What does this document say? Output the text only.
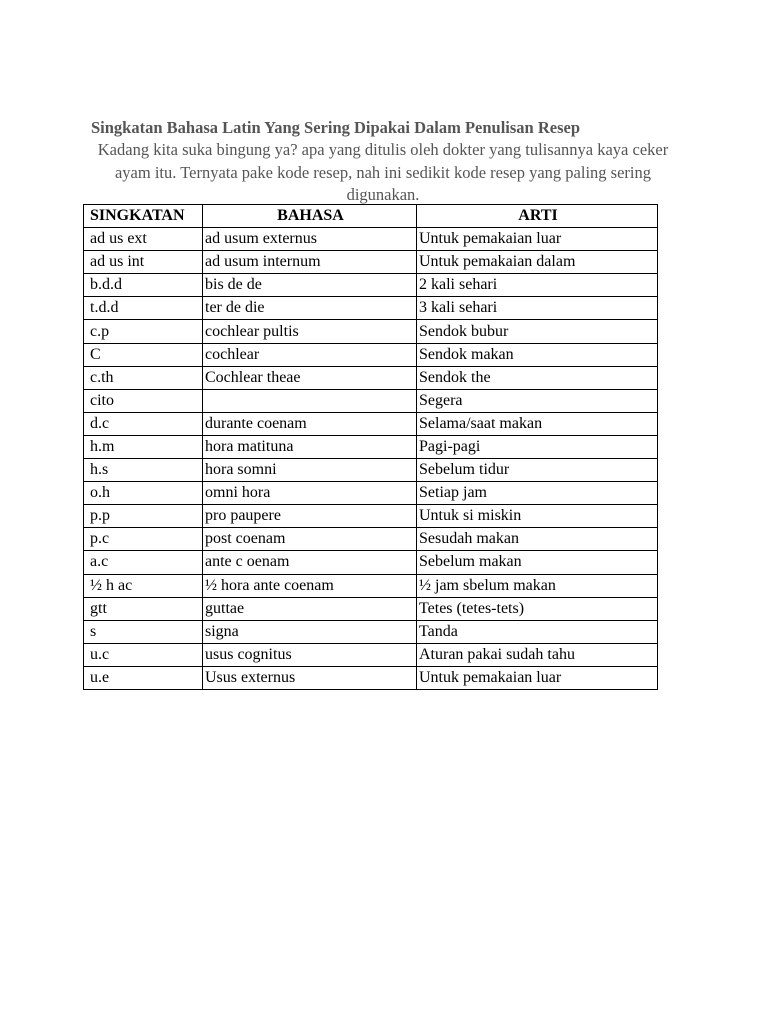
Singkatan Bahasa Latin Yang Sering Dipakai Dalam Penulisan Resep
Kadang kita suka bingung ya? apa yang ditulis oleh dokter yang tulisannya kaya ceker ayam itu. Ternyata pake kode resep, nah ini sedikit kode resep yang paling sering digunakan.
SINGKATAN	BAHASA	ARTI
ad us ext	ad usum externus	Untuk pemakaian luar
ad us int	ad usum internum	Untuk pemakaian dalam
b.d.d	bis de de	2 kali sehari
t.d.d	ter de die	3 kali sehari
c.p	cochlear pultis	Sendok bubur
C	cochlear	Sendok makan
c.th	Cochlear theae	Sendok the
cito		Segera
d.c	durante coenam	Selama/saat makan
h.m	hora matituna	Pagi-pagi
h.s	hora somni	Sebelum tidur
o.h	omni hora	Setiap jam
p.p	pro paupere	Untuk si miskin
p.c	post coenam	Sesudah makan
a.c	ante c oenam	Sebelum makan
½ h ac	½ hora ante coenam	½ jam sbelum makan
gtt	guttae	Tetes (tetes-tets)
s	signa	Tanda
u.c	usus cognitus	Aturan pakai sudah tahu
u.e	Usus externus	Untuk pemakaian luar
